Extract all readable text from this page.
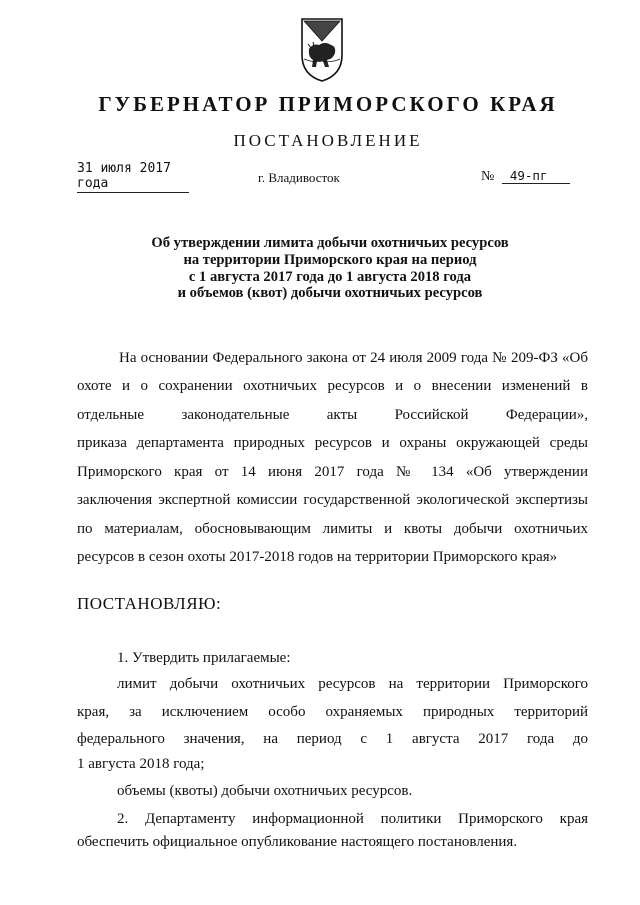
ГУБЕРНАТОР ПРИМОРСКОГО КРАЯ
ПОСТАНОВЛЕНИЕ
31 июля 2017 года	г. Владивосток	№ 49-пг
Об утверждении лимита добычи охотничьих ресурсов
на территории Приморского края на период
с 1 августа 2017 года до 1 августа 2018 года
и объемов (квот) добычи охотничьих ресурсов
На основании Федерального закона от 24 июля 2009 года № 209-ФЗ «Об
охоте и о сохранении охотничьих ресурсов и о внесении изменений в
отдельные законодательные акты Российской Федерации»,
приказа департамента природных ресурсов и охраны окружающей среды
Приморского края от 14 июня 2017 года № 134 «Об утверждении
заключения экспертной комиссии государственной экологической экспертизы
по материалам, обосновывающим лимиты и квоты добычи охотничьих
ресурсов в сезон охоты 2017-2018 годов на территории Приморского края»
ПОСТАНОВЛЯЮ:
1. Утвердить прилагаемые:
лимит добычи охотничьих ресурсов на территории Приморского
края, за исключением особо охраняемых природных территорий
федерального значения, на период с 1 августа 2017 года до
1 августа 2018 года;
объемы (квоты) добычи охотничьих ресурсов.
2. Департаменту информационной политики Приморского края
обеспечить официальное опубликование настоящего постановления.
